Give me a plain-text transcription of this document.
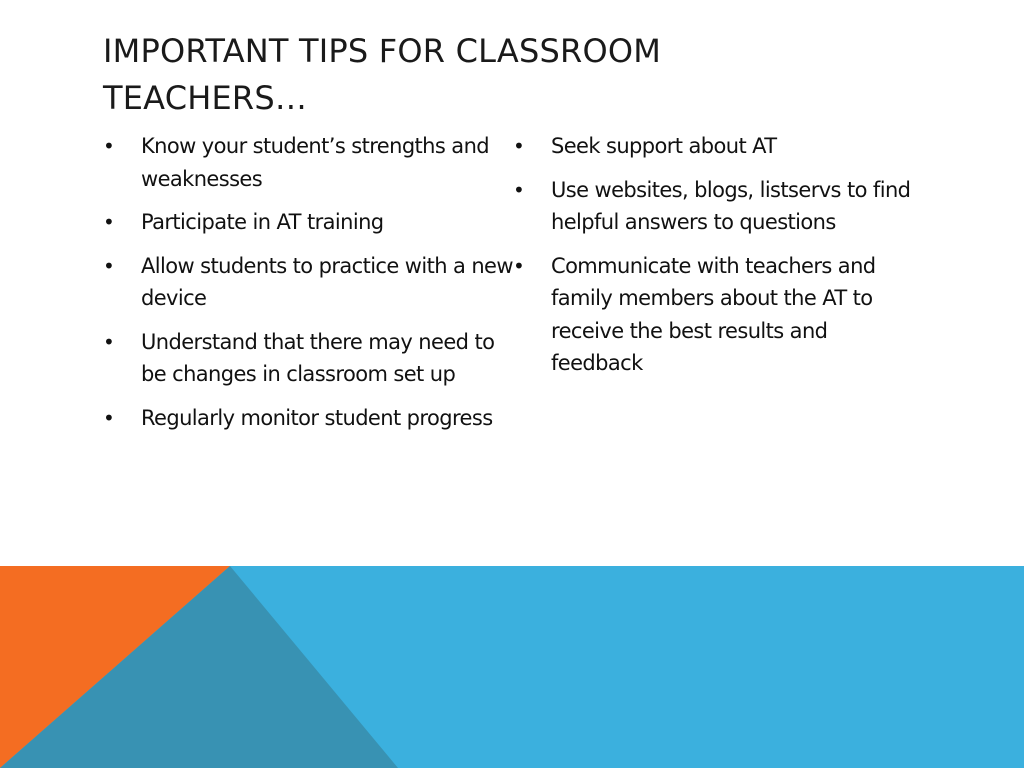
IMPORTANT TIPS FOR CLASSROOM TEACHERS…
• Know your student’s strengths and weaknesses
• Participate in AT training
• Allow students to practice with a new device
• Understand that there may need to be changes in classroom set up
• Regularly monitor student progress
• Seek support about AT
• Use websites, blogs, listservs to find helpful answers to questions
• Communicate with teachers and family members about the AT to receive the best results and feedback
